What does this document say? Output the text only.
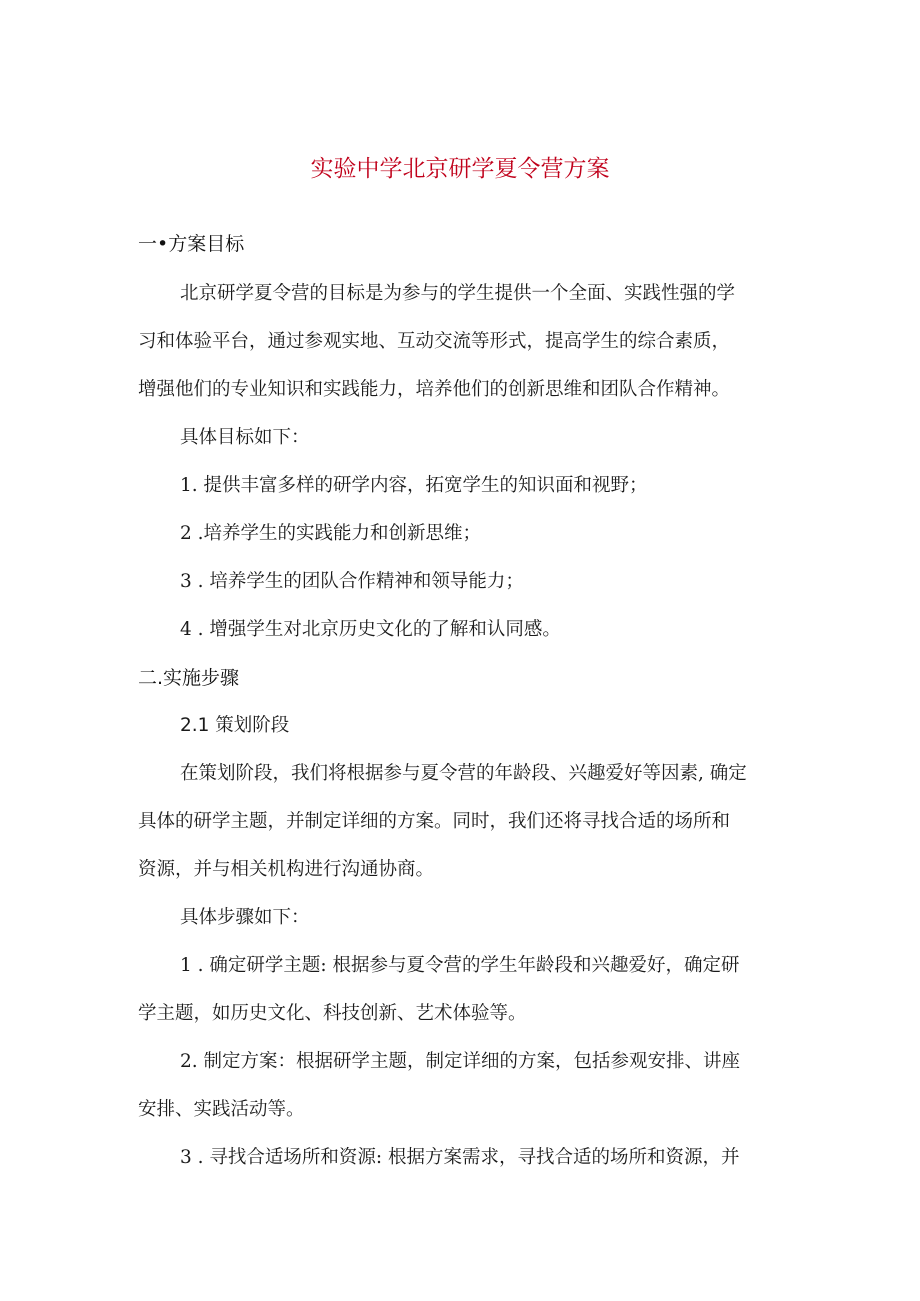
实验中学北京研学夏令营方案
一•方案目标
北京研学夏令营的目标是为参与的学生提供一个全面、实践性强的学
习和体验平台，通过参观实地、互动交流等形式，提高学生的综合素质，
增强他们的专业知识和实践能力，培养他们的创新思维和团队合作精神。
具体目标如下：
1. 提供丰富多样的研学内容，拓宽学生的知识面和视野；
2 .培养学生的实践能力和创新思维；
3 . 培养学生的团队合作精神和领导能力；
4 . 增强学生对北京历史文化的了解和认同感。
二.实施步骤
2.1 策划阶段
在策划阶段，我们将根据参与夏令营的年龄段、兴趣爱好等因素, 确定
具体的研学主题，并制定详细的方案。同时，我们还将寻找合适的场所和
资源，并与相关机构进行沟通协商。
具体步骤如下：
1 . 确定研学主题: 根据参与夏令营的学生年龄段和兴趣爱好，确定研
学主题，如历史文化、科技创新、艺术体验等。
2. 制定方案：根据研学主题，制定详细的方案，包括参观安排、讲座
安排、实践活动等。
3 . 寻找合适场所和资源: 根据方案需求，寻找合适的场所和资源，并
